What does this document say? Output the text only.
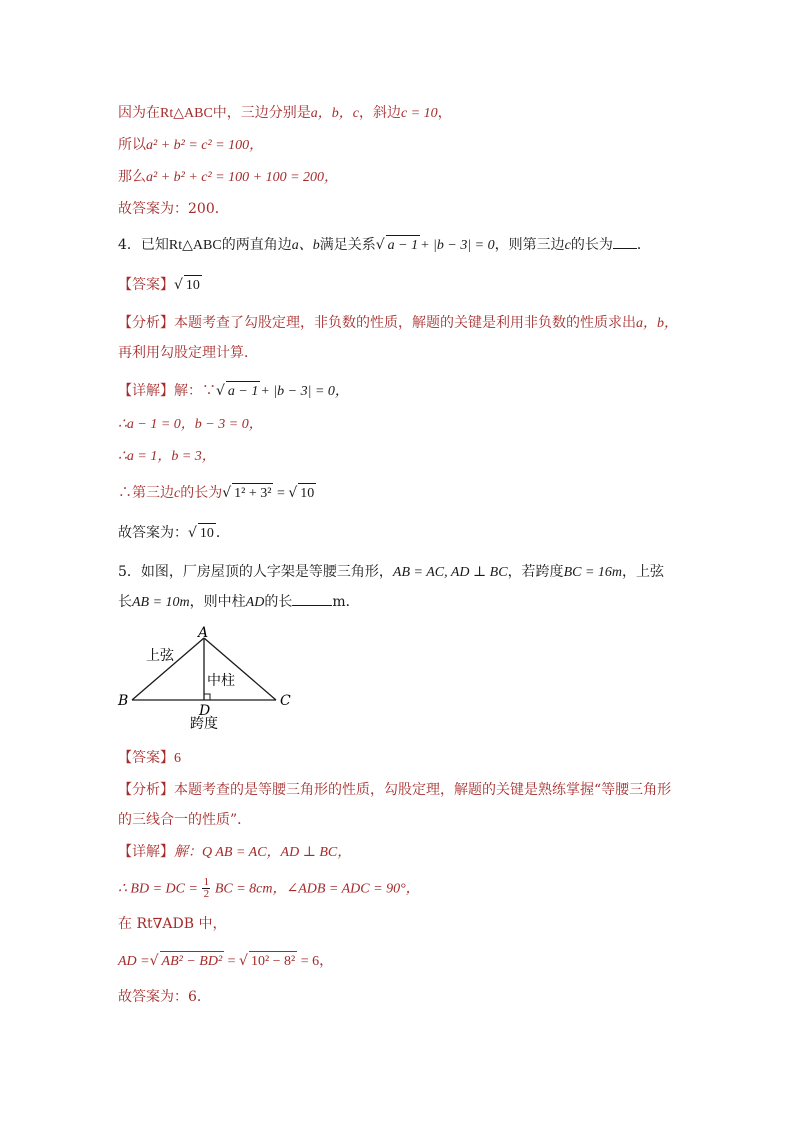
因为在Rt△ABC中，三边分别是a，b，c，斜边c = 10，
所以a² + b² = c² = 100，
那么a² + b² + c² = 100 + 100 = 200，
故答案为：200．
4．已知Rt△ABC的两直角边a、b满足关系√ a − 1 + |b − 3| = 0，则第三边c的长为 ．
【答案】√ 10
【分析】本题考查了勾股定理，非负数的性质，解题的关键是利用非负数的性质求出a，b，
再利用勾股定理计算．
【详解】解：∵√ a − 1 + |b − 3| = 0，
∴a − 1 = 0，b − 3 = 0，
∴a = 1，b = 3，
∴第三边c的长为√ 1² + 3² = √ 10
故答案为：√ 10 ．
5．如图，厂房屋顶的人字架是等腰三角形，AB = AC, AD ⊥ BC，若跨度BC = 16m，上弦
长AB = 10m，则中柱AD的长	m．
A
B	C
D
上弦
中柱
跨度
【答案】6
【分析】本题考查的是等腰三角形的性质，勾股定理，解题的关键是熟练掌握“等腰三角形
的三线合一的性质”．
【详解】解：Q AB = AC，AD ⊥ BC，
∴ BD = DC = $\frac{1}{2}$ BC = 8cm，∠ADB = ADC = 90°，
在 Rt∇ADB 中，
AD =√ AB² − BD² = √ 10² − 8² = 6，
故答案为：6．
